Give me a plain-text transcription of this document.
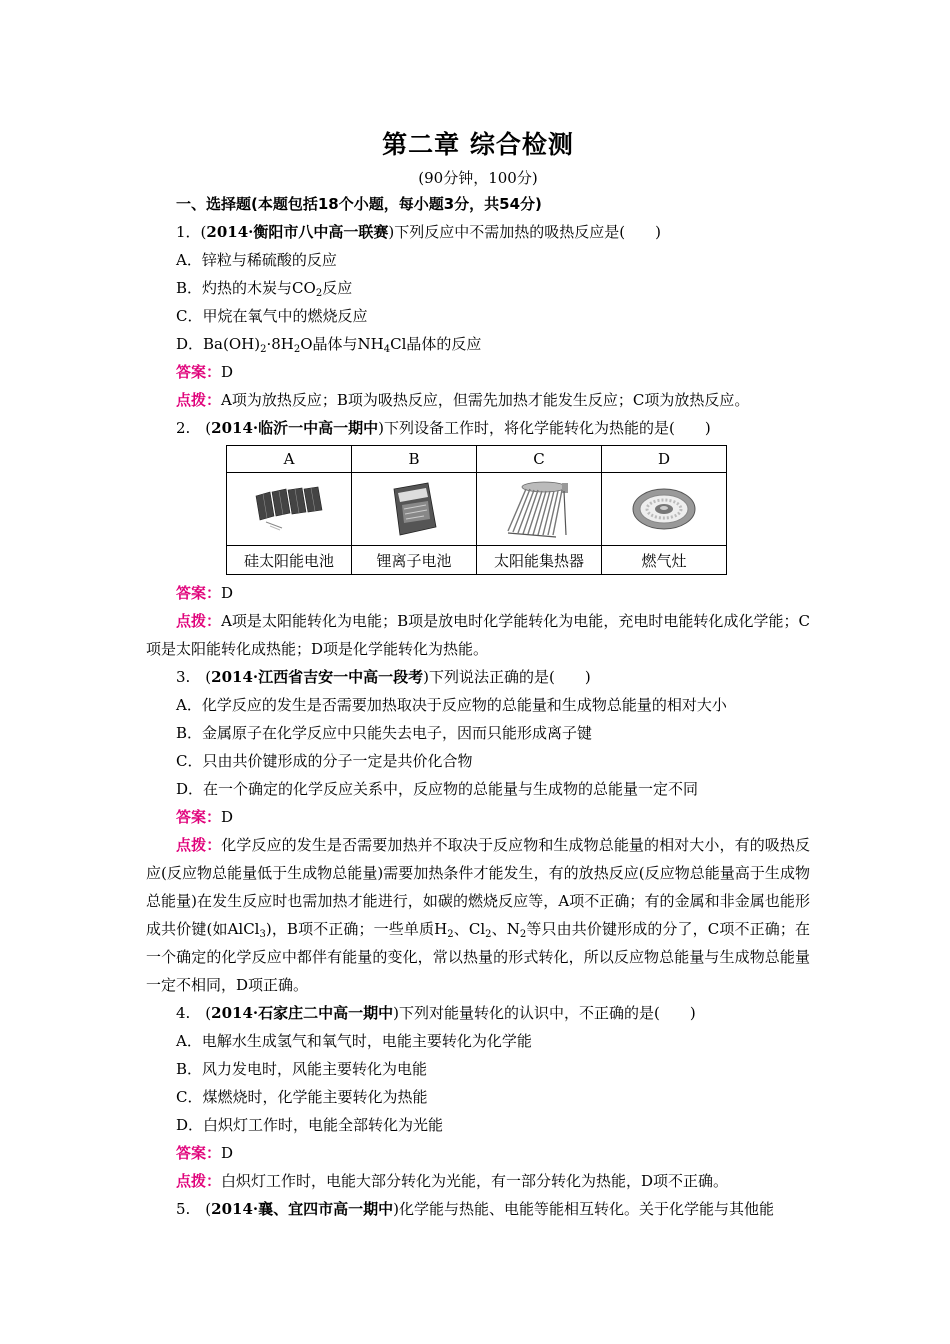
第二章 综合检测
(90分钟，100分)
一、选择题(本题包括18个小题，每小题3分，共54分)
1．(2014·衡阳市八中高一联赛)下列反应中不需加热的吸热反应是(　　)
A．锌粒与稀硫酸的反应
B．灼热的木炭与$CO_2$反应
C．甲烷在氧气中的燃烧反应
D．$Ba(OH)_2\cdot 8H_2O$晶体与$NH_4Cl$晶体的反应
答案：D
点拨：A项为放热反应；B项为吸热反应，但需先加热才能发生反应；C项为放热反应。
2.　(2014·临沂一中高一期中)下列设备工作时，将化学能转化为热能的是(　　)
A	B	C	D

硅太阳能电池	锂离子电池	太阳能集热器	燃气灶
答案：D
点拨：A项是太阳能转化为电能；B项是放电时化学能转化为电能，充电时电能转化成化学能；C项是太阳能转化成热能；D项是化学能转化为热能。
3.　(2014·江西省吉安一中高一段考)下列说法正确的是(　　)
A．化学反应的发生是否需要加热取决于反应物的总能量和生成物总能量的相对大小
B．金属原子在化学反应中只能失去电子，因而只能形成离子键
C．只由共价键形成的分子一定是共价化合物
D．在一个确定的化学反应关系中，反应物的总能量与生成物的总能量一定不同
答案：D
点拨：化学反应的发生是否需要加热并不取决于反应物和生成物总能量的相对大小，有的吸热反应(反应物总能量低于生成物总能量)需要加热条件才能发生，有的放热反应(反应物总能量高于生成物总能量)在发生反应时也需加热才能进行，如碳的燃烧反应等，A项不正确；有的金属和非金属也能形成共价键(如AlCl$_3$)，B项不正确；一些单质$H_2$、$Cl_2$、$N_2$等只由共价键形成的分了，C项不正确；在一个确定的化学反应中都伴有能量的变化，常以热量的形式转化，所以反应物总能量与生成物总能量一定不相同，D项正确。
4.　(2014·石家庄二中高一期中)下列对能量转化的认识中，不正确的是(　　)
A．电解水生成氢气和氧气时，电能主要转化为化学能
B．风力发电时，风能主要转化为电能
C．煤燃烧时，化学能主要转化为热能
D．白炽灯工作时，电能全部转化为光能
答案：D
点拨：白炽灯工作时，电能大部分转化为光能，有一部分转化为热能，D项不正确。
5.　(2014·襄、宜四市高一期中)化学能与热能、电能等能相互转化。关于化学能与其他能
